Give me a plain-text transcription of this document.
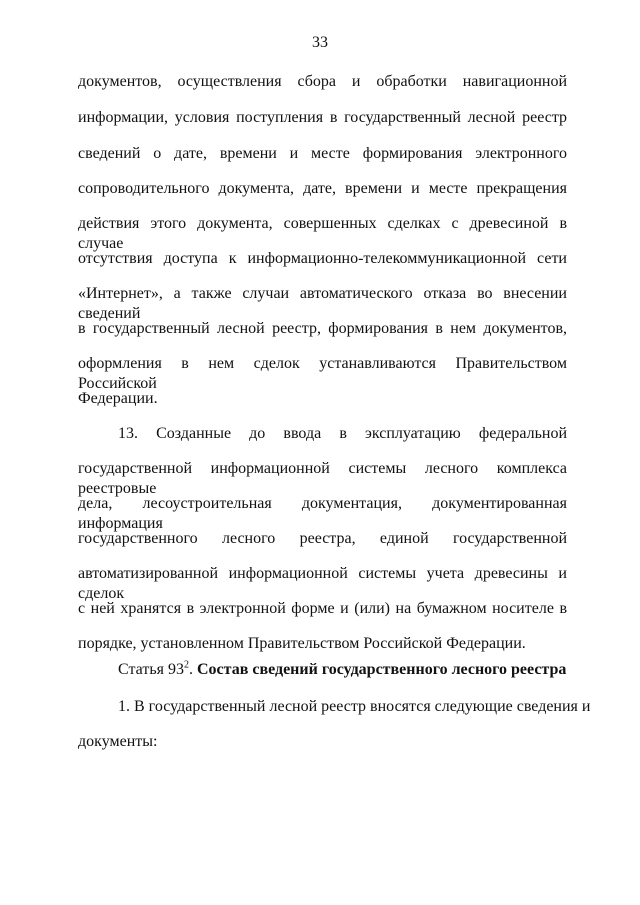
33
документов, осуществления сбора и обработки навигационной
информации, условия поступления в государственный лесной реестр
сведений о дате, времени и месте формирования электронного
сопроводительного документа, дате, времени и месте прекращения
действия этого документа, совершенных сделках с древесиной в случае
отсутствия доступа к информационно-телекоммуникационной сети
«Интернет», а также случаи автоматического отказа во внесении сведений
в государственный лесной реестр, формирования в нем документов,
оформления в нем сделок устанавливаются Правительством Российской
Федерации.
13. Созданные до ввода в эксплуатацию федеральной
государственной информационной системы лесного комплекса реестровые
дела, лесоустроительная документация, документированная информация
государственного лесного реестра, единой государственной
автоматизированной информационной системы учета древесины и сделок
с ней хранятся в электронной форме и (или) на бумажном носителе в
порядке, установленном Правительством Российской Федерации.
Статья $93^2$. Состав сведений государственного лесного реестра
1. В государственный лесной реестр вносятся следующие сведения и
документы:
